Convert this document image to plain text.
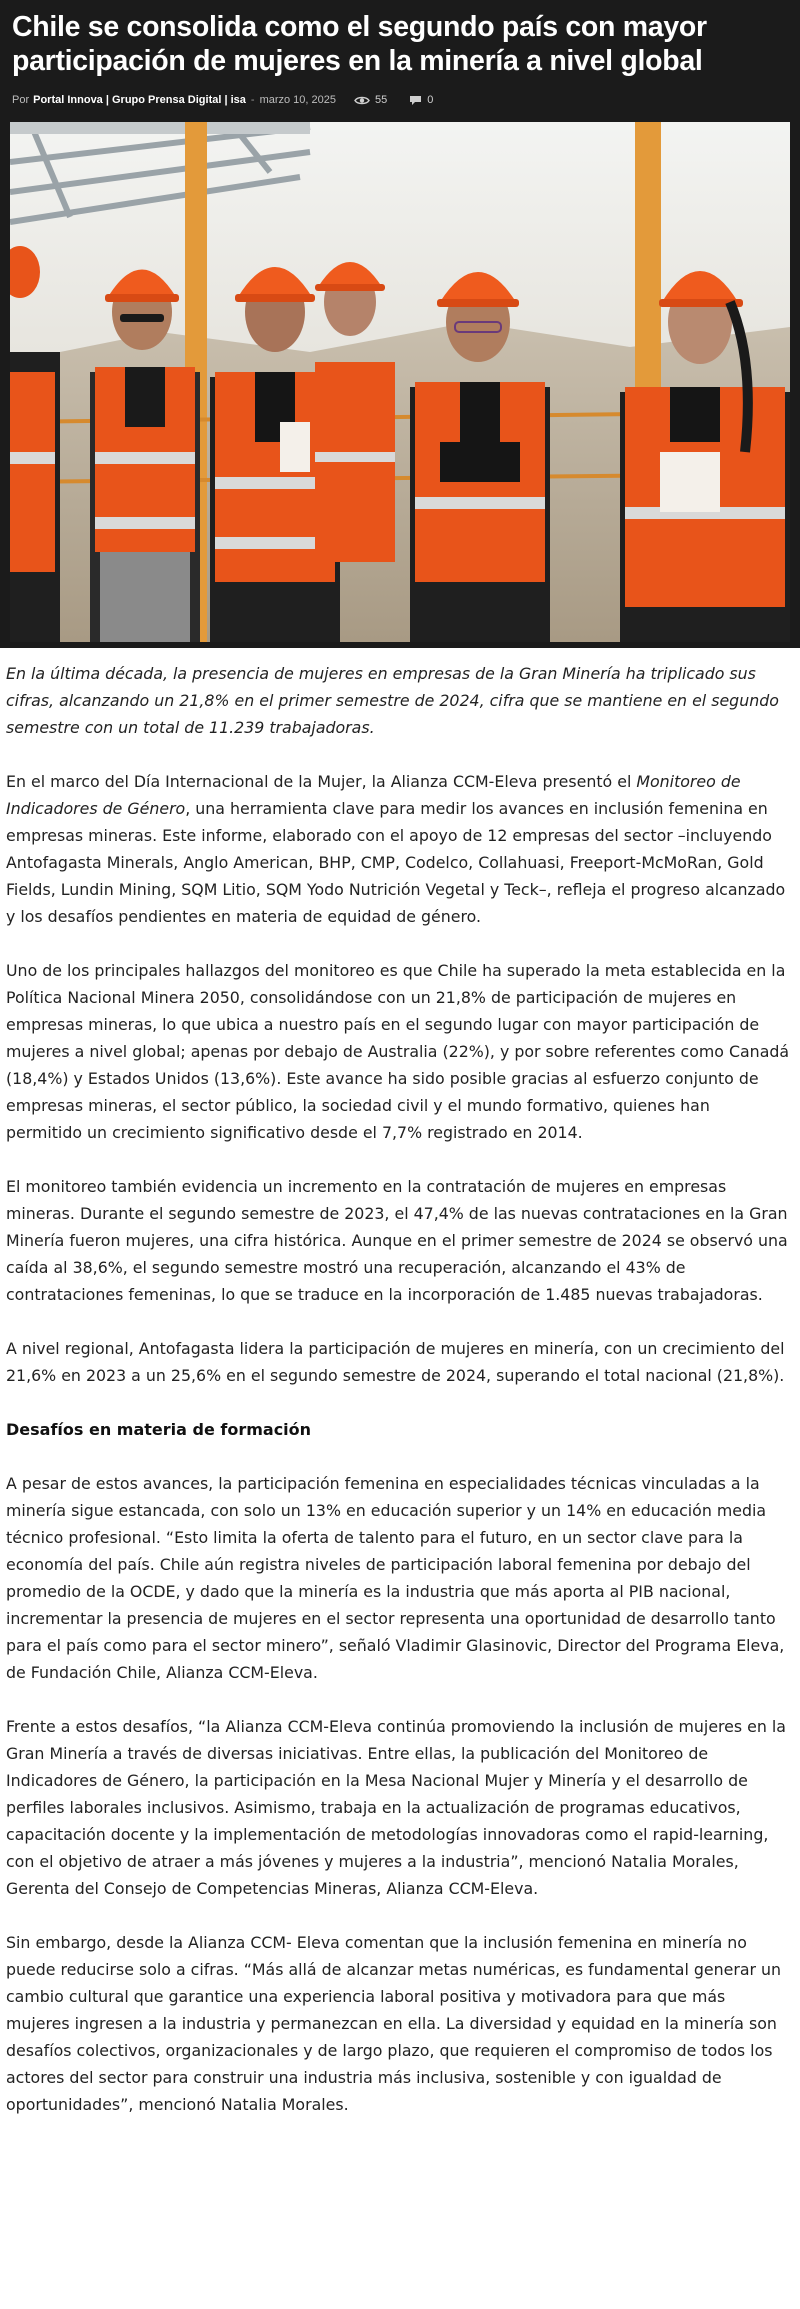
Chile se consolida como el segundo país con mayor participación de mujeres en la minería a nivel global
Por Portal Innova | Grupo Prensa Digital | isa - marzo 10, 2025	55	0

En la última década, la presencia de mujeres en empresas de la Gran Minería ha triplicado sus cifras, alcanzando un 21,8% en el primer semestre de 2024, cifra que se mantiene en el segundo semestre con un total de 11.239 trabajadoras.

En el marco del Día Internacional de la Mujer, la Alianza CCM-Eleva presentó el Monitoreo de Indicadores de Género, una herramienta clave para medir los avances en inclusión femenina en empresas mineras. Este informe, elaborado con el apoyo de 12 empresas del sector –incluyendo Antofagasta Minerals, Anglo American, BHP, CMP, Codelco, Collahuasi, Freeport-McMoRan, Gold Fields, Lundin Mining, SQM Litio, SQM Yodo Nutrición Vegetal y Teck–, refleja el progreso alcanzado y los desafíos pendientes en materia de equidad de género.

Uno de los principales hallazgos del monitoreo es que Chile ha superado la meta establecida en la Política Nacional Minera 2050, consolidándose con un 21,8% de participación de mujeres en empresas mineras, lo que ubica a nuestro país en el segundo lugar con mayor participación de mujeres a nivel global; apenas por debajo de Australia (22%), y por sobre referentes como Canadá (18,4%) y Estados Unidos (13,6%). Este avance ha sido posible gracias al esfuerzo conjunto de empresas mineras, el sector público, la sociedad civil y el mundo formativo, quienes han permitido un crecimiento significativo desde el 7,7% registrado en 2014.

El monitoreo también evidencia un incremento en la contratación de mujeres en empresas mineras. Durante el segundo semestre de 2023, el 47,4% de las nuevas contrataciones en la Gran Minería fueron mujeres, una cifra histórica. Aunque en el primer semestre de 2024 se observó una caída al 38,6%, el segundo semestre mostró una recuperación, alcanzando el 43% de contrataciones femeninas, lo que se traduce en la incorporación de 1.485 nuevas trabajadoras.

A nivel regional, Antofagasta lidera la participación de mujeres en minería, con un crecimiento del 21,6% en 2023 a un 25,6% en el segundo semestre de 2024, superando el total nacional (21,8%).

Desafíos en materia de formación

A pesar de estos avances, la participación femenina en especialidades técnicas vinculadas a la minería sigue estancada, con solo un 13% en educación superior y un 14% en educación media técnico profesional. “Esto limita la oferta de talento para el futuro, en un sector clave para la economía del país. Chile aún registra niveles de participación laboral femenina por debajo del promedio de la OCDE, y dado que la minería es la industria que más aporta al PIB nacional, incrementar la presencia de mujeres en el sector representa una oportunidad de desarrollo tanto para el país como para el sector minero”, señaló Vladimir Glasinovic, Director del Programa Eleva, de Fundación Chile, Alianza CCM-Eleva.

Frente a estos desafíos, “la Alianza CCM-Eleva continúa promoviendo la inclusión de mujeres en la Gran Minería a través de diversas iniciativas. Entre ellas, la publicación del Monitoreo de Indicadores de Género, la participación en la Mesa Nacional Mujer y Minería y el desarrollo de perfiles laborales inclusivos. Asimismo, trabaja en la actualización de programas educativos, capacitación docente y la implementación de metodologías innovadoras como el rapid-learning, con el objetivo de atraer a más jóvenes y mujeres a la industria”, mencionó Natalia Morales, Gerenta del Consejo de Competencias Mineras, Alianza CCM-Eleva.

Sin embargo, desde la Alianza CCM- Eleva comentan que la inclusión femenina en minería no puede reducirse solo a cifras. “Más allá de alcanzar metas numéricas, es fundamental generar un cambio cultural que garantice una experiencia laboral positiva y motivadora para que más mujeres ingresen a la industria y permanezcan en ella. La diversidad y equidad en la minería son desafíos colectivos, organizacionales y de largo plazo, que requieren el compromiso de todos los actores del sector para construir una industria más inclusiva, sostenible y con igualdad de oportunidades”, mencionó Natalia Morales.
